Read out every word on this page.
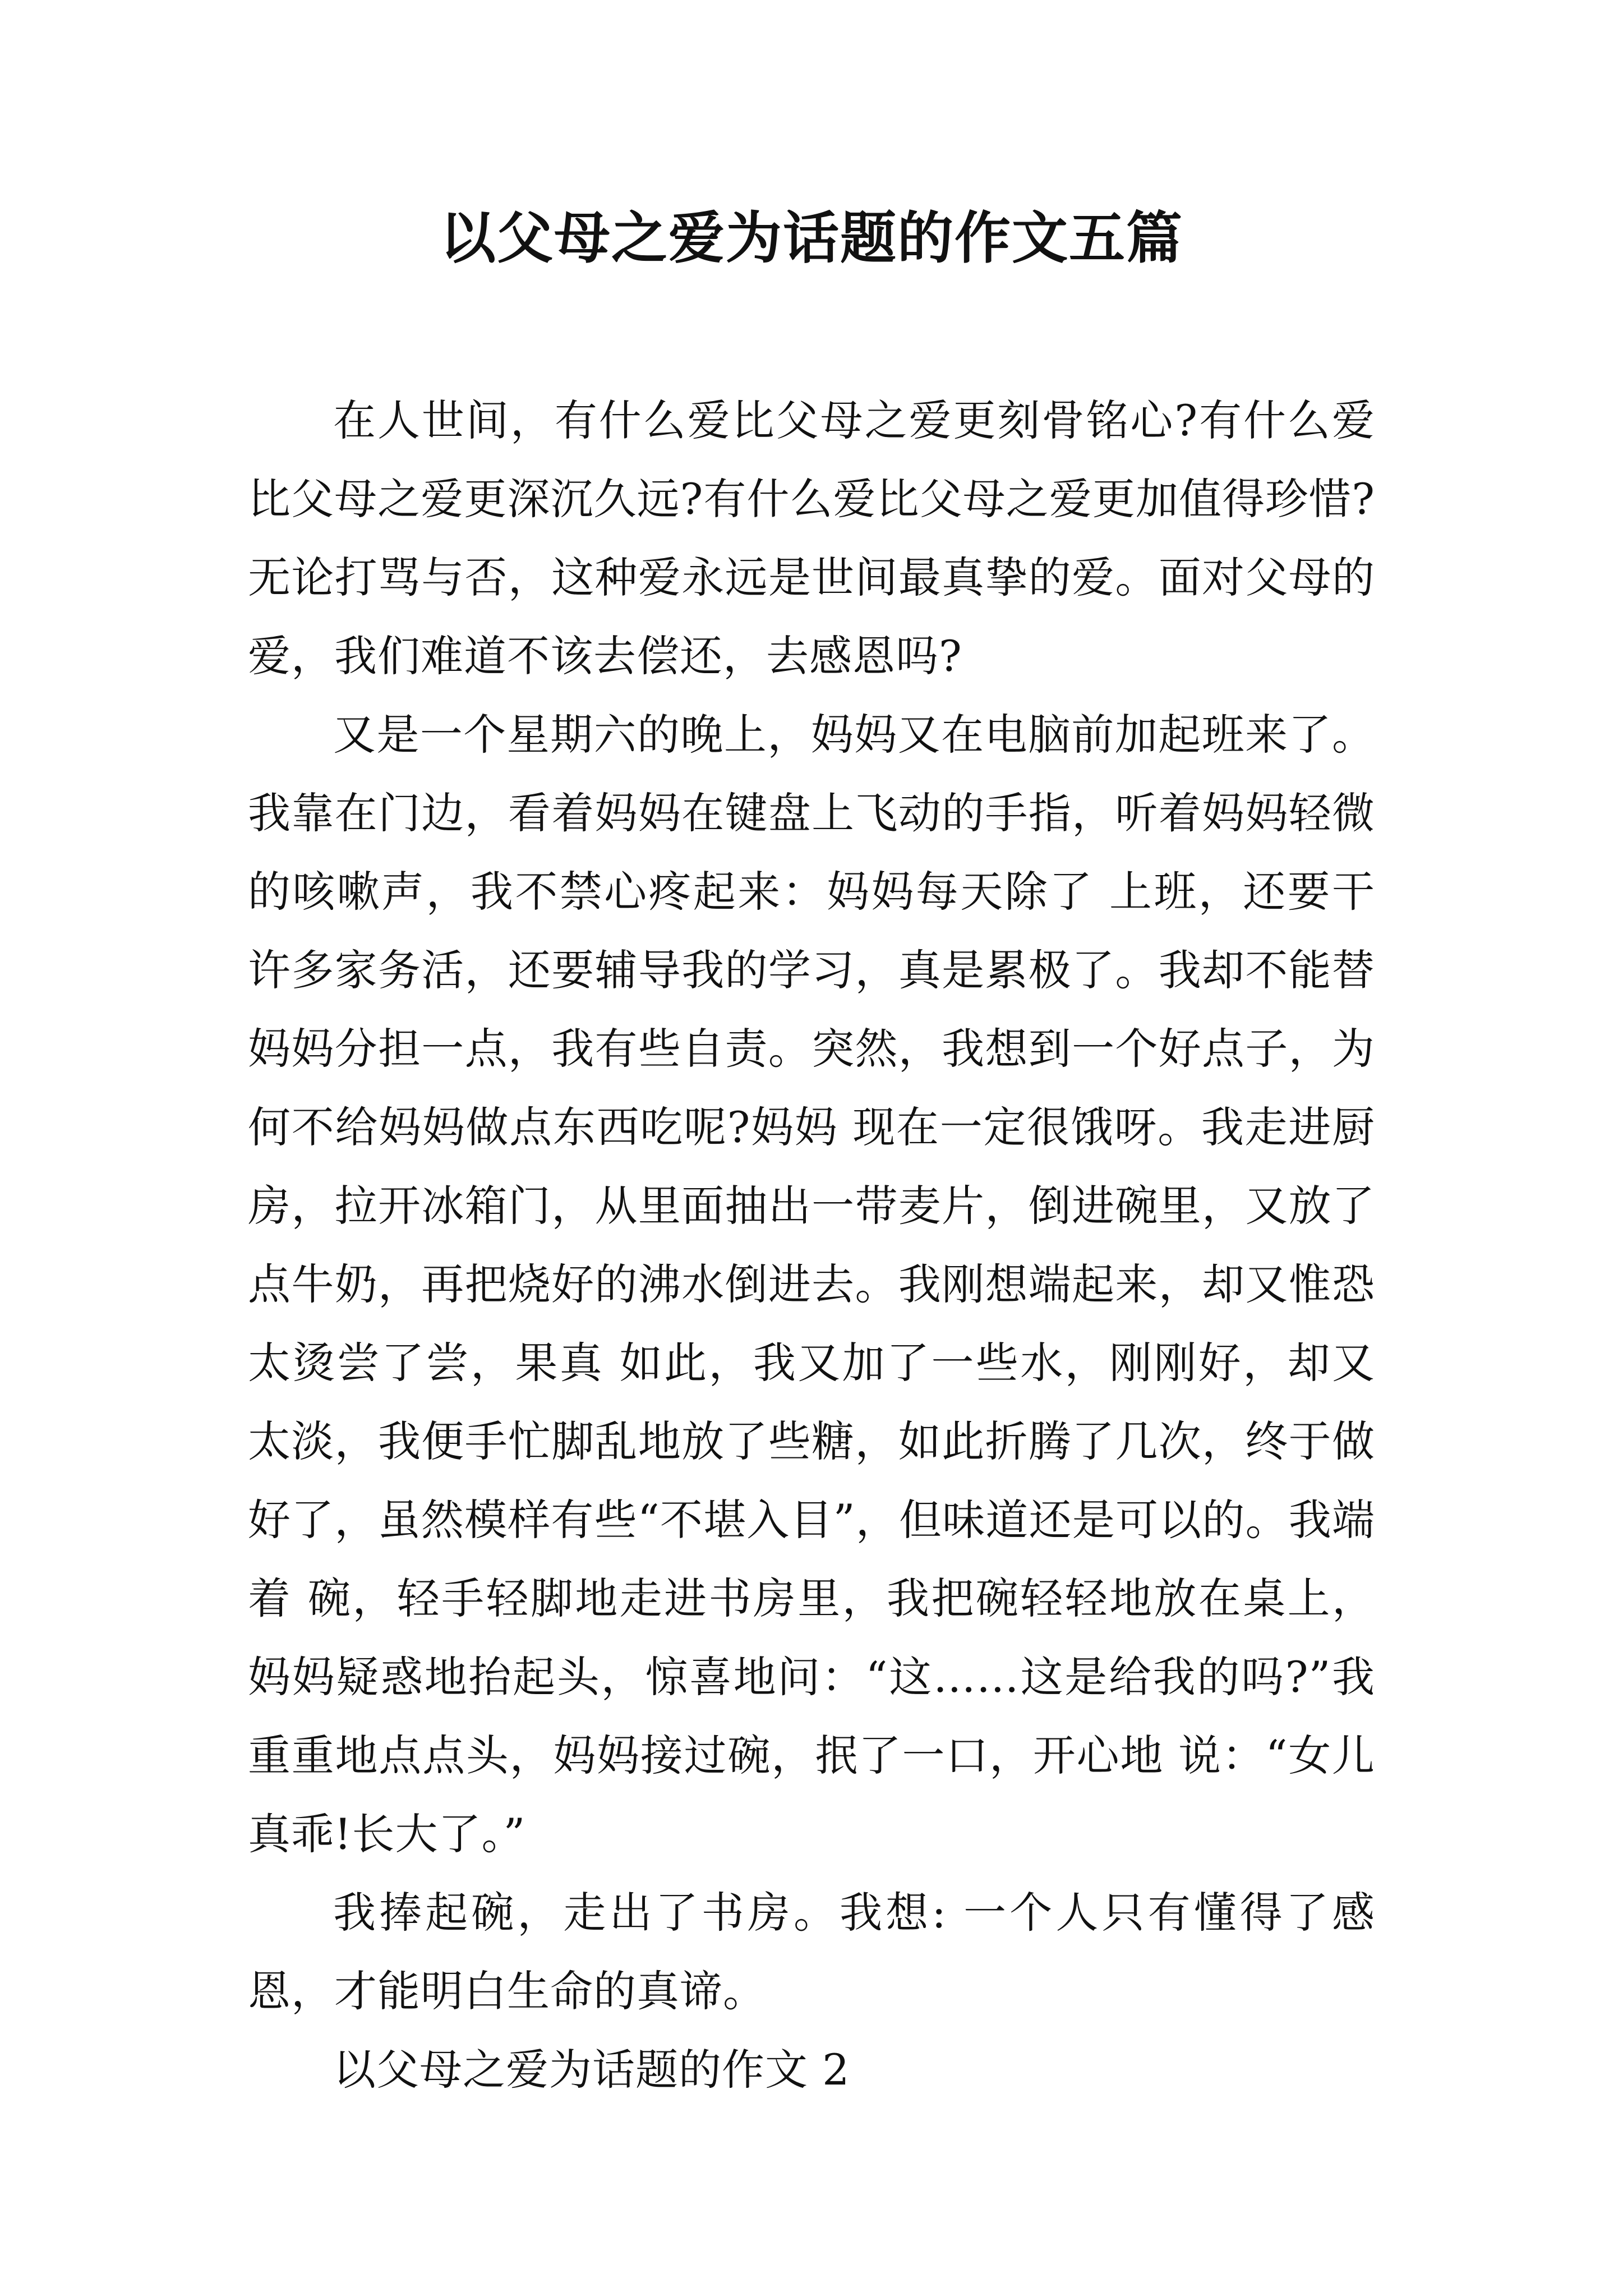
以父母之爱为话题的作文五篇

在人世间，有什么爱比父母之爱更刻骨铭心?有什么爱比父母之爱更深沉久远?有什么爱比父母之爱更加值得珍惜?无论打骂与否，这种爱永远是世间最真挚的爱。面对父母的爱，我们难道不该去偿还，去感恩吗?

又是一个星期六的晚上，妈妈又在电脑前加起班来了。我靠在门边，看着妈妈在键盘上飞动的手指，听着妈妈轻微的咳嗽声，我不禁心疼起来：妈妈每天除了 上班，还要干许多家务活，还要辅导我的学习，真是累极了。我却不能替妈妈分担一点，我有些自责。突然，我想到一个好点子，为何不给妈妈做点东西吃呢?妈妈 现在一定很饿呀。我走进厨房，拉开冰箱门，从里面抽出一带麦片，倒进碗里，又放了点牛奶，再把烧好的沸水倒进去。我刚想端起来，却又惟恐太烫尝了尝，果真 如此，我又加了一些水，刚刚好，却又太淡，我便手忙脚乱地放了些糖，如此折腾了几次，终于做好了，虽然模样有些“不堪入目”，但味道还是可以的。我端着 碗，轻手轻脚地走进书房里，我把碗轻轻地放在桌上，妈妈疑惑地抬起头，惊喜地问：“这……这是给我的吗?”我重重地点点头，妈妈接过碗，抿了一口，开心地 说：“女儿真乖!长大了。”

我捧起碗，走出了书房。我想: 一个人只有懂得了感恩，才能明白生命的真谛。

以父母之爱为话题的作文 2
